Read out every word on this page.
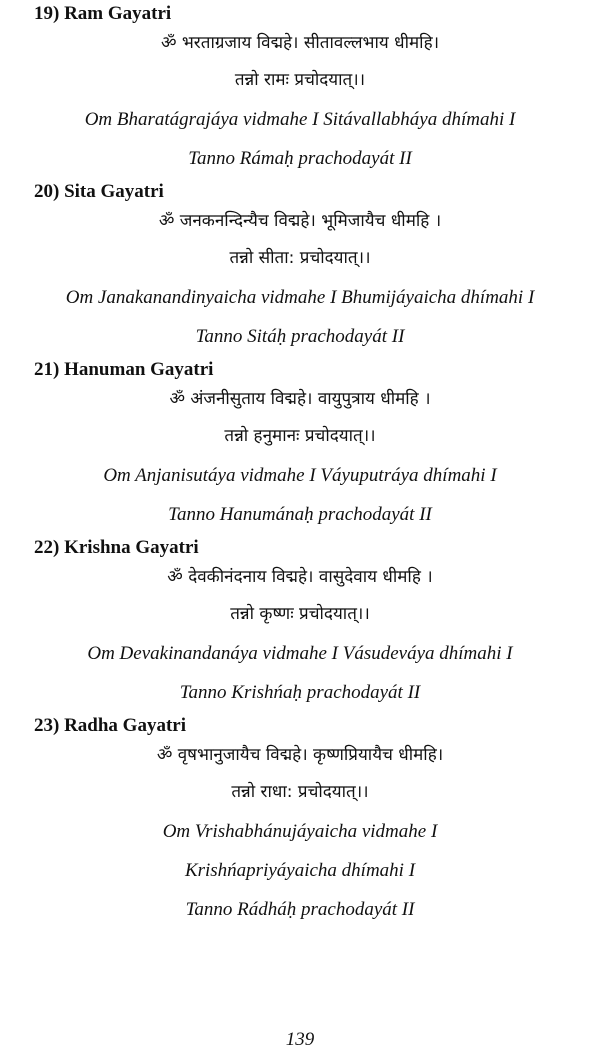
19) Ram Gayatri
ॐ भरताग्रजाय विद्महे। सीतावल्लभाय धीमहि।
तन्नो रामः प्रचोदयात्।।
Om Bharatágrajáya vidmahe I Sitávallabháya dhímahi I
Tanno Rámaḥ prachodayát II
20) Sita Gayatri
ॐ जनकनन्दिन्यैच विद्महे। भूमिजायैच धीमहि ।
तन्नो सीता: प्रचोदयात्।।
Om Janakanandinyaicha vidmahe I Bhumijáyaicha dhímahi I
Tanno Sitáḥ prachodayát II
21) Hanuman Gayatri
ॐ अंजनीसुताय विद्महे। वायुपुत्राय धीमहि ।
तन्नो हनुमानः प्रचोदयात्।।
Om Anjanisutáya vidmahe I Váyuputráya dhímahi I
Tanno Hanumánaḥ prachodayát II
22) Krishna Gayatri
ॐ देवकीनंदनाय विद्महे। वासुदेवाय धीमहि ।
तन्नो कृष्णः प्रचोदयात्।।
Om Devakinandanáya vidmahe I Vásudeváya dhímahi I
Tanno Krishńaḥ prachodayát II
23) Radha Gayatri
ॐ वृषभानुजायैच विद्महे। कृष्णप्रियायैच धीमहि।
तन्नो राधा: प्रचोदयात्।।
Om Vrishabhánujáyaicha vidmahe I
Krishńapriyáyaicha dhímahi I
Tanno Rádháḥ prachodayát II
139
